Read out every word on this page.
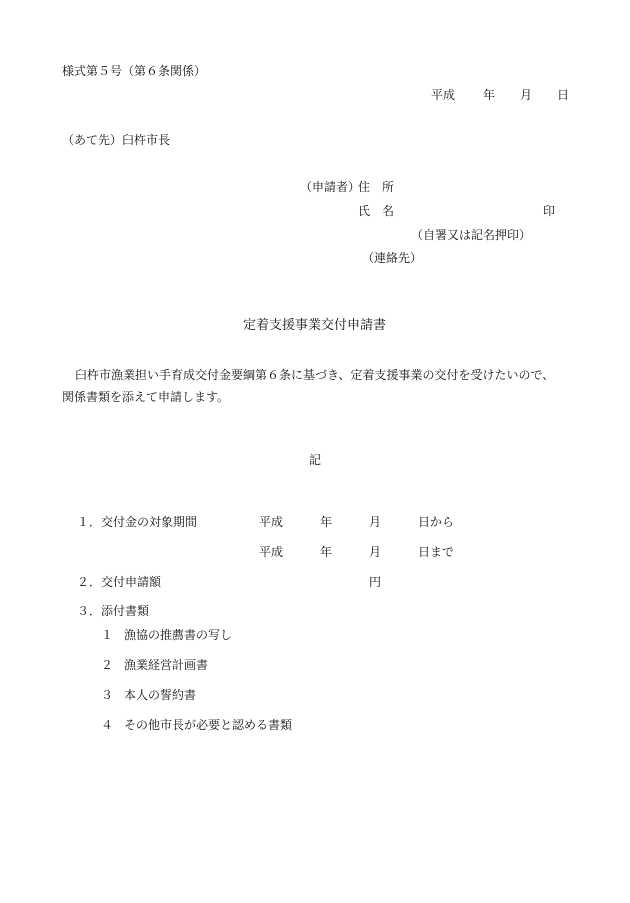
様式第５号（第６条関係）
平成 年 月 日
（あて先）臼杵市長
（申請者）
住　所
氏　名	印
（自署又は記名押印）
（連絡先）
定着支援事業交付申請書
臼杵市漁業担い手育成交付金要綱第６条に基づき、定着支援事業の交付を受けたいので、
関係書類を添えて申請します。
記
１．交付金の対象期間	平成	年	月	日から
平成	年	月	日まで
２．交付申請額	円
３．添付書類
１ 漁協の推薦書の写し
２ 漁業経営計画書
３ 本人の誓約書
４ その他市長が必要と認める書類
